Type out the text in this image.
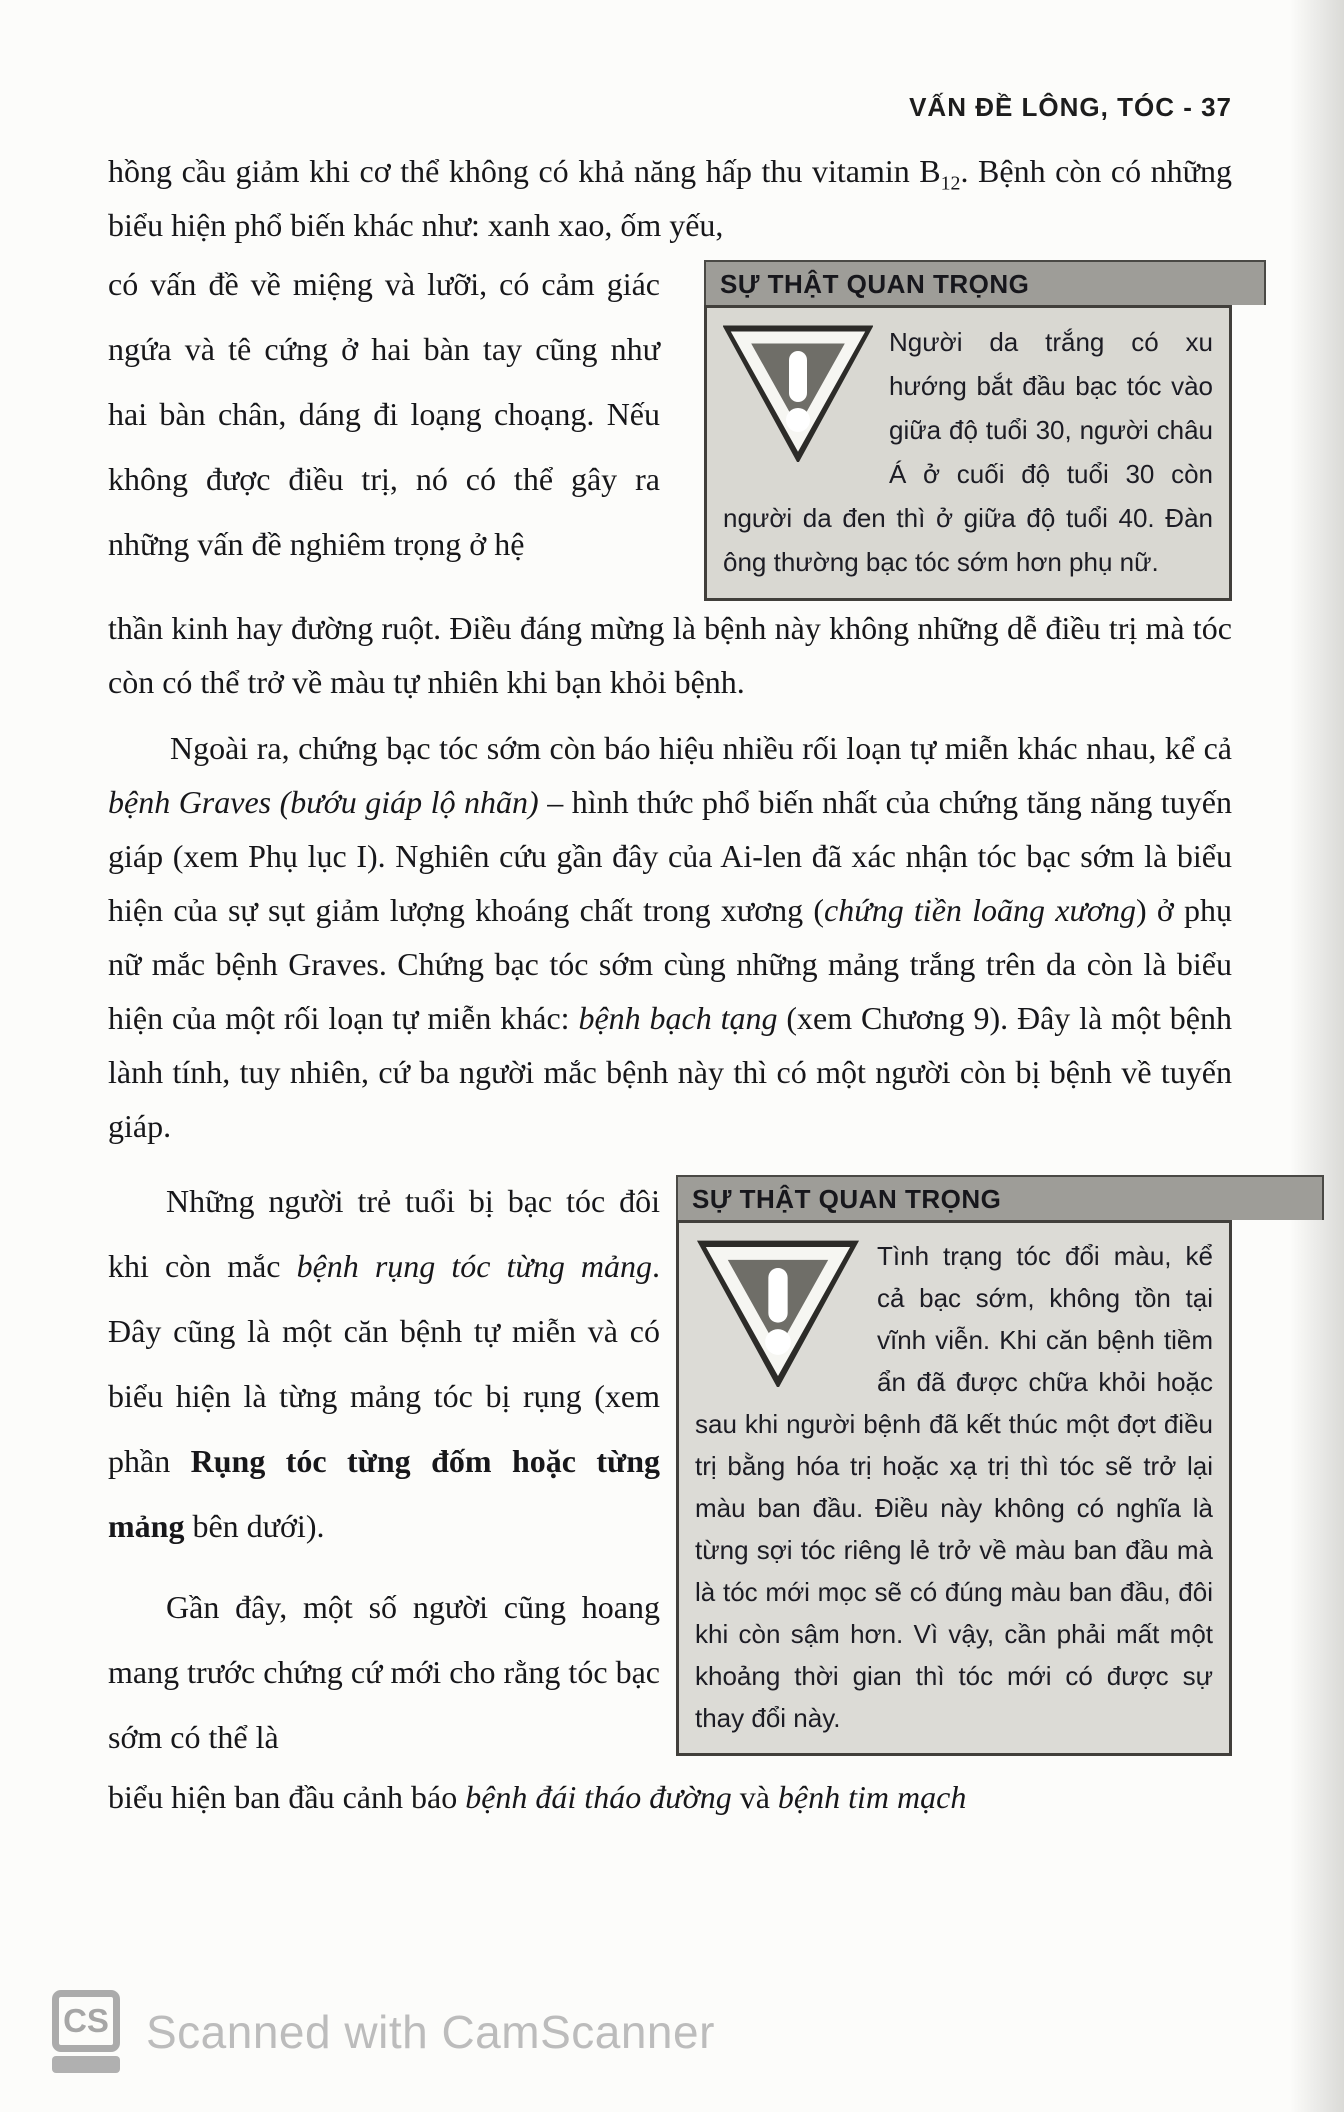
VẤN ĐỀ LÔNG, TÓC - 37

hồng cầu giảm khi cơ thể không có khả năng hấp thu vitamin $B_{12}$. Bệnh còn có những biểu hiện phổ biến khác như: xanh xao, ốm yếu,

có vấn đề về miệng và lưỡi, có cảm giác ngứa và tê cứng ở hai bàn tay cũng như hai bàn chân, dáng đi loạng choạng. Nếu không được điều trị, nó có thể gây ra những vấn đề nghiêm trọng ở hệ

SỰ THẬT QUAN TRỌNG
Người da trắng có xu hướng bắt đầu bạc tóc vào giữa độ tuổi 30, người châu Á ở cuối độ tuổi 30 còn người da đen thì ở giữa độ tuổi 40. Đàn ông thường bạc tóc sớm hơn phụ nữ.

thần kinh hay đường ruột. Điều đáng mừng là bệnh này không những dễ điều trị mà tóc còn có thể trở về màu tự nhiên khi bạn khỏi bệnh.

Ngoài ra, chứng bạc tóc sớm còn báo hiệu nhiều rối loạn tự miễn khác nhau, kể cả bệnh Graves (bướu giáp lộ nhãn) – hình thức phổ biến nhất của chứng tăng năng tuyến giáp (xem Phụ lục I). Nghiên cứu gần đây của Ai-len đã xác nhận tóc bạc sớm là biểu hiện của sự sụt giảm lượng khoáng chất trong xương (chứng tiền loãng xương) ở phụ nữ mắc bệnh Graves. Chứng bạc tóc sớm cùng những mảng trắng trên da còn là biểu hiện của một rối loạn tự miễn khác: bệnh bạch tạng (xem Chương 9). Đây là một bệnh lành tính, tuy nhiên, cứ ba người mắc bệnh này thì có một người còn bị bệnh về tuyến giáp.

Những người trẻ tuổi bị bạc tóc đôi khi còn mắc bệnh rụng tóc từng mảng. Đây cũng là một căn bệnh tự miễn và có biểu hiện là từng mảng tóc bị rụng (xem phần Rụng tóc từng đốm hoặc từng mảng bên dưới).

Gần đây, một số người cũng hoang mang trước chứng cứ mới cho rằng tóc bạc sớm có thể là

SỰ THẬT QUAN TRỌNG
Tình trạng tóc đổi màu, kể cả bạc sớm, không tồn tại vĩnh viễn. Khi căn bệnh tiềm ẩn đã được chữa khỏi hoặc sau khi người bệnh đã kết thúc một đợt điều trị bằng hóa trị hoặc xạ trị thì tóc sẽ trở lại màu ban đầu. Điều này không có nghĩa là từng sợi tóc riêng lẻ trở về màu ban đầu mà là tóc mới mọc sẽ có đúng màu ban đầu, đôi khi còn sậm hơn. Vì vậy, cần phải mất một khoảng thời gian thì tóc mới có được sự thay đổi này.

biểu hiện ban đầu cảnh báo bệnh đái tháo đường và bệnh tim mạch

CS Scanned with CamScanner
